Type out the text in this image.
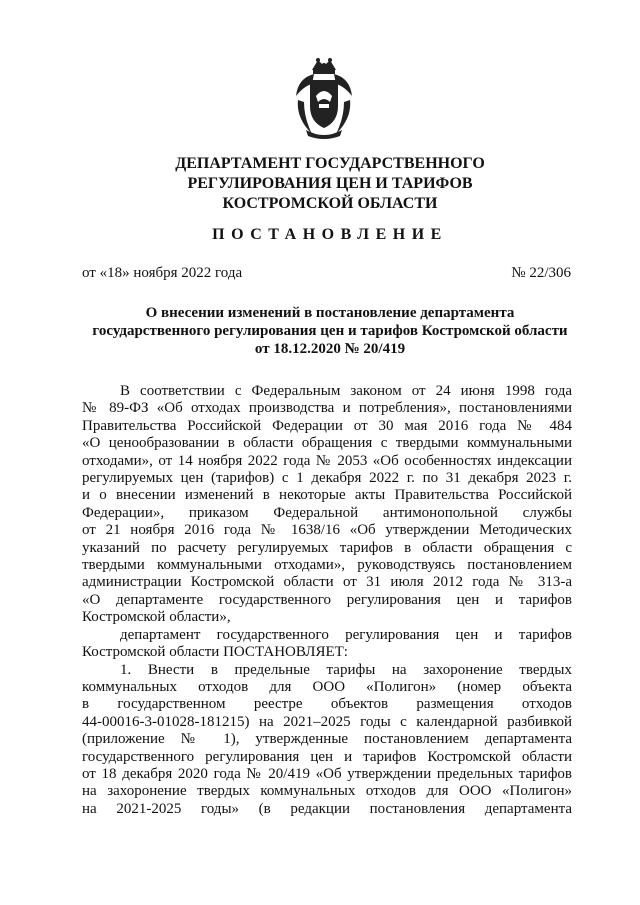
ДЕПАРТАМЕНТ ГОСУДАРСТВЕННОГО
РЕГУЛИРОВАНИЯ ЦЕН И ТАРИФОВ
КОСТРОМСКОЙ ОБЛАСТИ
ПОСТАНОВЛЕНИЕ
от «18» ноября 2022 года	№ 22/306
О внесении изменений в постановление департамента
государственного регулирования цен и тарифов Костромской области
от 18.12.2020 № 20/419
В соответствии с Федеральным законом от 24 июня 1998 года
№ 89-ФЗ «Об отходах производства и потребления», постановлениями
Правительства Российской Федерации от 30 мая 2016 года № 484
«О ценообразовании в области обращения с твердыми коммунальными
отходами», от 14 ноября 2022 года № 2053 «Об особенностях индексации
регулируемых цен (тарифов) с 1 декабря 2022 г. по 31 декабря 2023 г.
и о внесении изменений в некоторые акты Правительства Российской
Федерации», приказом Федеральной антимонопольной службы
от 21 ноября 2016 года № 1638/16 «Об утверждении Методических
указаний по расчету регулируемых тарифов в области обращения с
твердыми коммунальными отходами», руководствуясь постановлением
администрации Костромской области от 31 июля 2012 года № 313-а
«О департаменте государственного регулирования цен и тарифов
Костромской области»,
департамент государственного регулирования цен и тарифов
Костромской области ПОСТАНОВЛЯЕТ:
1. Внести в предельные тарифы на захоронение твердых
коммунальных отходов для ООО «Полигон» (номер объекта
в государственном реестре объектов размещения отходов
44-00016-3-01028-181215) на 2021–2025 годы с календарной разбивкой
(приложение № 1), утвержденные постановлением департамента
государственного регулирования цен и тарифов Костромской области
от 18 декабря 2020 года № 20/419 «Об утверждении предельных тарифов
на захоронение твердых коммунальных отходов для ООО «Полигон»
на 2021-2025 годы» (в редакции постановления департамента
